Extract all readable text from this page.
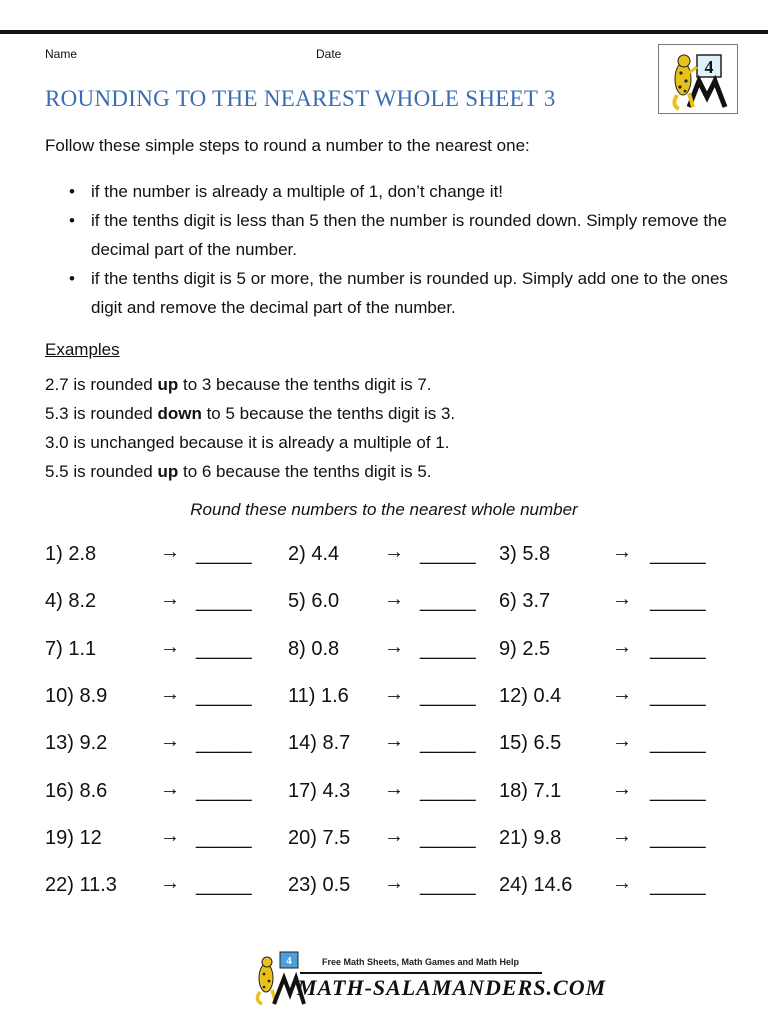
Name	Date
ROUNDING TO THE NEAREST WHOLE SHEET 3
4
Follow these simple steps to round a number to the nearest one:
• if the number is already a multiple of 1, don’t change it!
• if the tenths digit is less than 5 then the number is rounded down. Simply remove the decimal part of the number.
• if the tenths digit is 5 or more, the number is rounded up. Simply add one to the ones digit and remove the decimal part of the number.
Examples
2.7 is rounded up to 3 because the tenths digit is 7.
5.3 is rounded down to 5 because the tenths digit is 3.
3.0 is unchanged because it is already a multiple of 1.
5.5 is rounded up to 6 because the tenths digit is 5.
Round these numbers to the nearest whole number
1) 2.8	→ _____ 2) 4.4 → _____ 3) 5.8	→ _____
4) 8.2	→ _____ 5) 6.0 → _____ 6) 3.7	→ _____
7) 1.1	→ _____ 8) 0.8 → _____ 9) 2.5	→ _____
10) 8.9	→ _____ 11) 1.6 → _____ 12) 0.4	→ _____
13) 9.2	→ _____ 14) 8.7 → _____ 15) 6.5	→ _____
16) 8.6	→ _____ 17) 4.3 → _____ 18) 7.1	→ _____
19) 12	→ _____ 20) 7.5 → _____ 21) 9.8	→ _____
22) 11.3 → _____ 23) 0.5 → _____ 24) 14.6 → _____
4	Free Math Sheets, Math Games and Math Help
MATH-SALAMANDERS.COM
